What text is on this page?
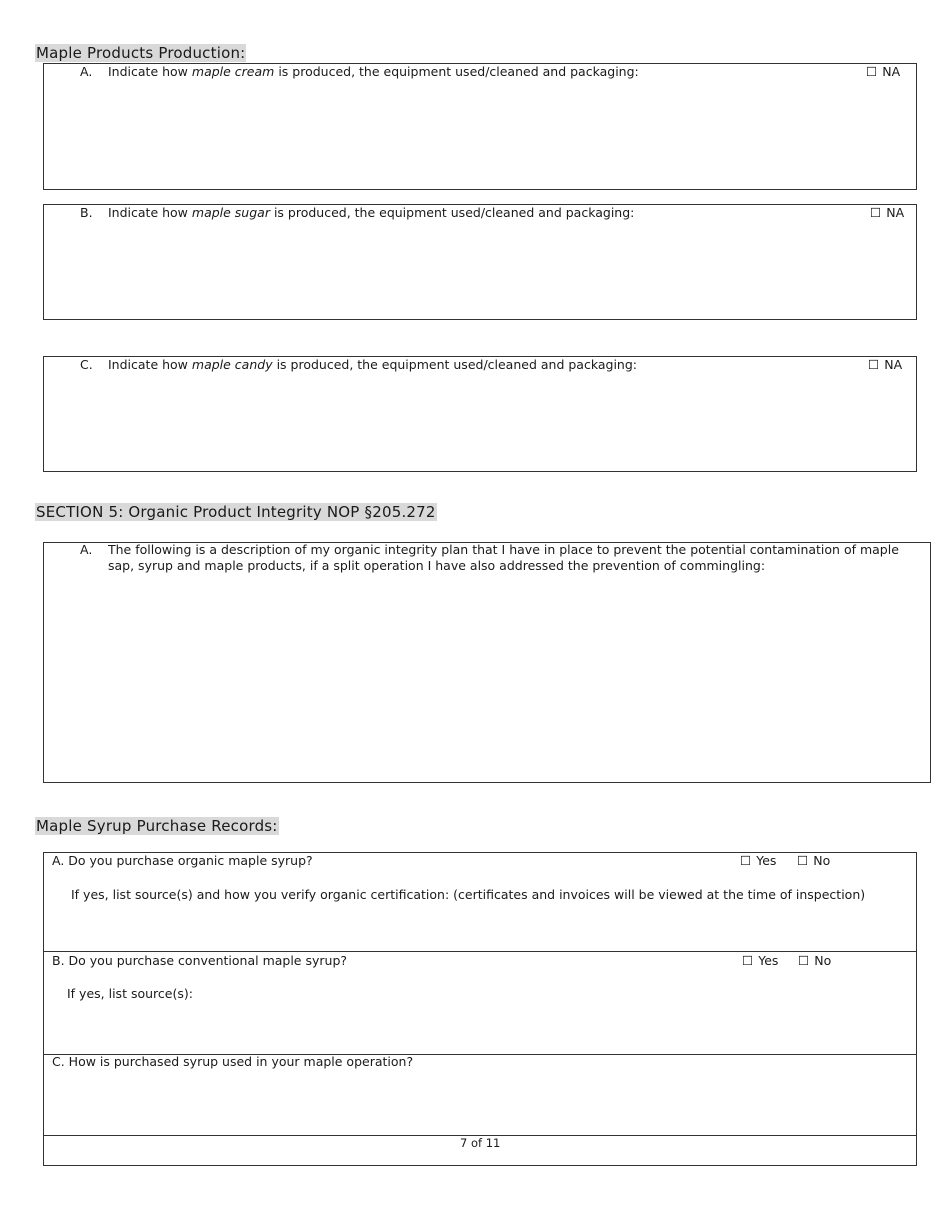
Maple Products Production:
A. Indicate how maple cream is produced, the equipment used/cleaned and packaging:	☐ NA
B. Indicate how maple sugar is produced, the equipment used/cleaned and packaging:	☐ NA
C. Indicate how maple candy is produced, the equipment used/cleaned and packaging:	☐ NA
SECTION 5: Organic Product Integrity NOP §205.272
A.	The following is a description of my organic integrity plan that I have in place to prevent the potential contamination of maple sap, syrup and maple products, if a split operation I have also addressed the prevention of commingling:
Maple Syrup Purchase Records:
A. Do you purchase organic maple syrup?	☐ Yes ☐ No
If yes, list source(s) and how you verify organic certification: (certificates and invoices will be viewed at the time of inspection)
B. Do you purchase conventional maple syrup?	☐ Yes ☐ No
If yes, list source(s):
C. How is purchased syrup used in your maple operation?
7 of 11
